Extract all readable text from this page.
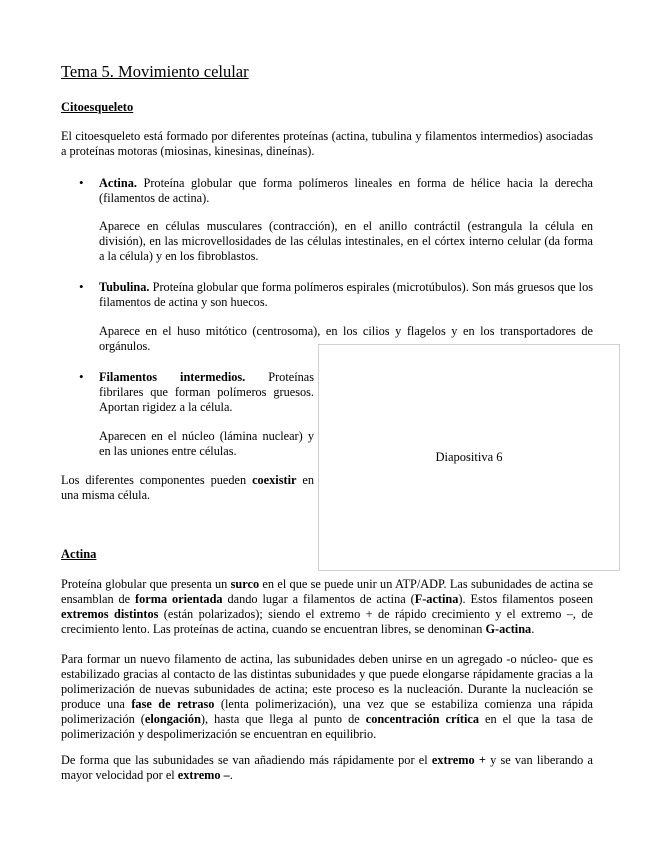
Tema 5. Movimiento celular
Citoesqueleto

El citoesqueleto está formado por diferentes proteínas (actina, tubulina y filamentos intermedios) asociadas a proteínas motoras (miosinas, kinesinas, dineínas).

• Actina. Proteína globular que forma polímeros lineales en forma de hélice hacia la derecha (filamentos de actina).

Aparece en células musculares (contracción), en el anillo contráctil (estrangula la célula en división), en las microvellosidades de las células intestinales, en el córtex interno celular (da forma a la célula) y en los fibroblastos.

• Tubulina. Proteína globular que forma polímeros espirales (microtúbulos). Son más gruesos que los filamentos de actina y son huecos.

Aparece en el huso mitótico (centrosoma), en los cilios y flagelos y en los transportadores de orgánulos.

• Filamentos intermedios. Proteínas fibrilares que forman polímeros gruesos. Aportan rigidez a la célula.

Aparecen en el núcleo (lámina nuclear) y en las uniones entre células.

Los diferentes componentes pueden coexistir en una misma célula.

Diapositiva 6
Actina

Proteína globular que presenta un surco en el que se puede unir un ATP/ADP. Las subunidades de actina se ensamblan de forma orientada dando lugar a filamentos de actina (F-actina). Estos filamentos poseen extremos distintos (están polarizados); siendo el extremo + de rápido crecimiento y el extremo –, de crecimiento lento. Las proteínas de actina, cuando se encuentran libres, se denominan G-actina.

Para formar un nuevo filamento de actina, las subunidades deben unirse en un agregado -o núcleo- que es estabilizado gracias al contacto de las distintas subunidades y que puede elongarse rápidamente gracias a la polimerización de nuevas subunidades de actina; este proceso es la nucleación. Durante la nucleación se produce una fase de retraso (lenta polimerización), una vez que se estabiliza comienza una rápida polimerización (elongación), hasta que llega al punto de concentración crítica en el que la tasa de polimerización y despolimerización se encuentran en equilibrio.

De forma que las subunidades se van añadiendo más rápidamente por el extremo + y se van liberando a mayor velocidad por el extremo –.
